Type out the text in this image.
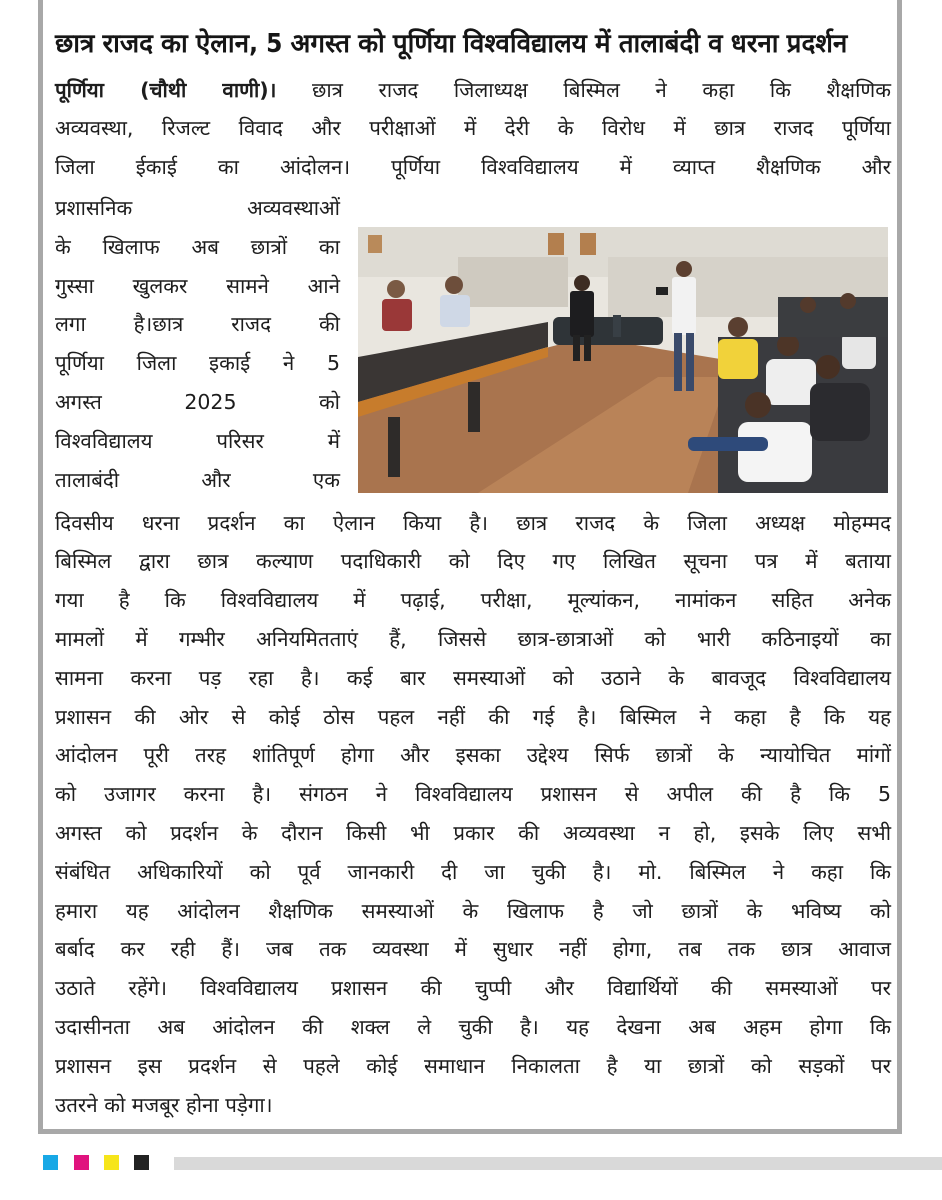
छात्र राजद का ऐलान, 5 अगस्त को पूर्णिया विश्वविद्यालय में तालाबंदी व धरना प्रदर्शन

पूर्णिया (चौथी वाणी)। छात्र राजद जिलाध्यक्ष बिस्मिल ने कहा कि शैक्षणिक

अव्यवस्था, रिजल्ट विवाद और परीक्षाओं में देरी के विरोध में छात्र राजद पूर्णिया

जिला ईकाई का आंदोलन। पूर्णिया विश्वविद्यालय में व्याप्त शैक्षणिक और

प्रशासनिक अव्यवस्थाओं
के खिलाफ अब छात्रों का
गुस्सा खुलकर सामने आने
लगा है।छात्र राजद की
पूर्णिया जिला इकाई ने 5
अगस्त 2025 को
विश्वविद्यालय परिसर में
तालाबंदी और एक

दिवसीय धरना प्रदर्शन का ऐलान किया है। छात्र राजद के जिला अध्यक्ष मोहम्मद

बिस्मिल द्वारा छात्र कल्याण पदाधिकारी को दिए गए लिखित सूचना पत्र में बताया

गया है कि विश्वविद्यालय में पढ़ाई, परीक्षा, मूल्यांकन, नामांकन सहित अनेक

मामलों में गम्भीर अनियमितताएं हैं, जिससे छात्र-छात्राओं को भारी कठिनाइयों का

सामना करना पड़ रहा है। कई बार समस्याओं को उठाने के बावजूद विश्वविद्यालय

प्रशासन की ओर से कोई ठोस पहल नहीं की गई है। बिस्मिल ने कहा है कि यह

आंदोलन पूरी तरह शांतिपूर्ण होगा और इसका उद्देश्य सिर्फ छात्रों के न्यायोचित मांगों

को उजागर करना है। संगठन ने विश्वविद्यालय प्रशासन से अपील की है कि 5

अगस्त को प्रदर्शन के दौरान किसी भी प्रकार की अव्यवस्था न हो, इसके लिए सभी

संबंधित अधिकारियों को पूर्व जानकारी दी जा चुकी है। मो. बिस्मिल ने कहा कि

हमारा यह आंदोलन शैक्षणिक समस्याओं के खिलाफ है जो छात्रों के भविष्य को

बर्बाद कर रही हैं। जब तक व्यवस्था में सुधार नहीं होगा, तब तक छात्र आवाज

उठाते रहेंगे। विश्वविद्यालय प्रशासन की चुप्पी और विद्यार्थियों की समस्याओं पर

उदासीनता अब आंदोलन की शक्ल ले चुकी है। यह देखना अब अहम होगा कि

प्रशासन इस प्रदर्शन से पहले कोई समाधान निकालता है या छात्रों को सड़कों पर

उतरने को मजबूर होना पड़ेगा।
